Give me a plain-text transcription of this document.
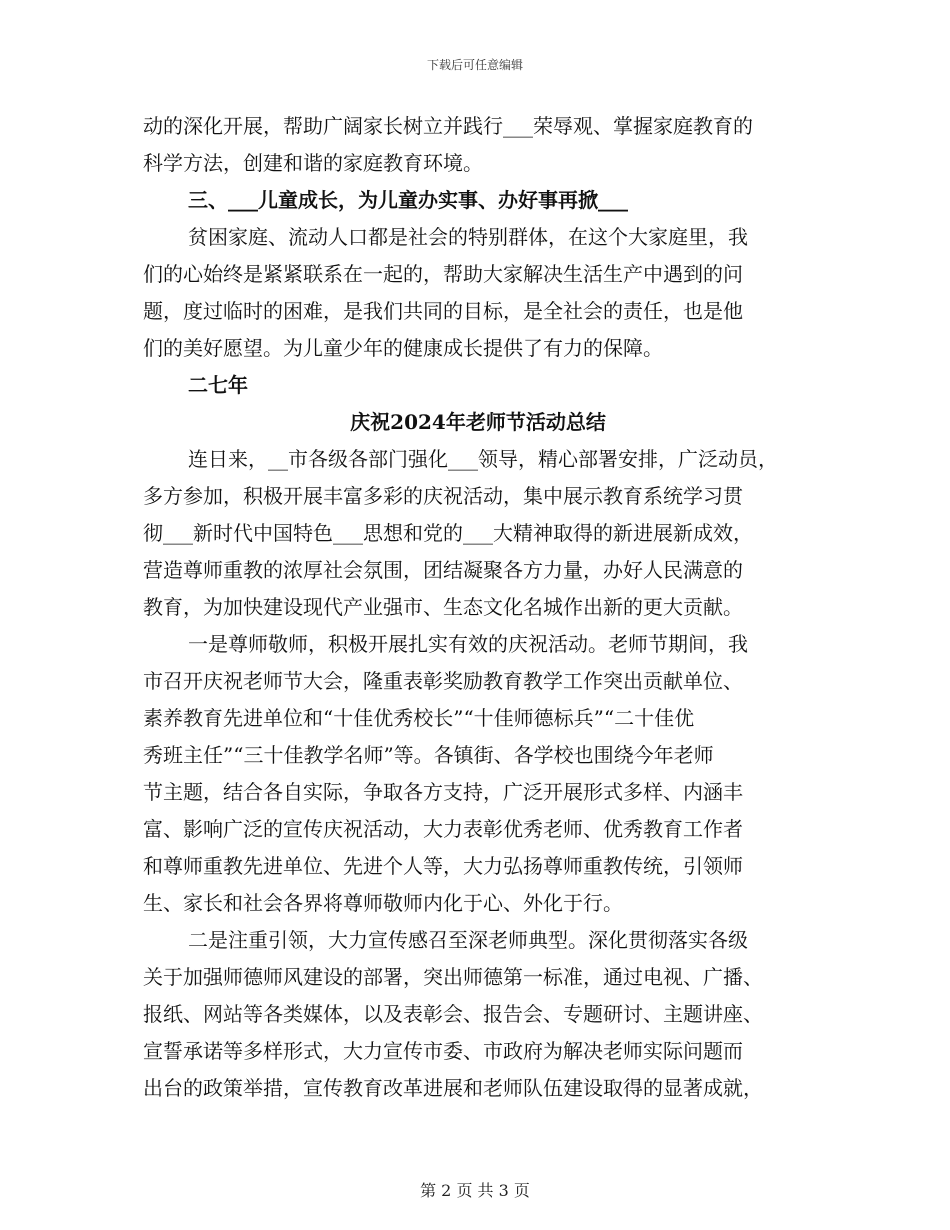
下载后可任意编辑

动的深化开展，帮助广阔家长树立并践行___荣辱观、掌握家庭教育的

科学方法，创建和谐的家庭教育环境。

三、___儿童成长，为儿童办实事、办好事再掀___

贫困家庭、流动人口都是社会的特别群体，在这个大家庭里，我

们的心始终是紧紧联系在一起的，帮助大家解决生活生产中遇到的问

题，度过临时的困难，是我们共同的目标，是全社会的责任，也是他

们的美好愿望。为儿童少年的健康成长提供了有力的保障。

二七年

庆祝2024年老师节活动总结

连日来，__市各级各部门强化___领导，精心部署安排，广泛动员，

多方参加，积极开展丰富多彩的庆祝活动，集中展示教育系统学习贯

彻___新时代中国特色___思想和党的___大精神取得的新进展新成效，

营造尊师重教的浓厚社会氛围，团结凝聚各方力量，办好人民满意的

教育，为加快建设现代产业强市、生态文化名城作出新的更大贡献。

一是尊师敬师，积极开展扎实有效的庆祝活动。老师节期间，我

市召开庆祝老师节大会，隆重表彰奖励教育教学工作突出贡献单位、

素养教育先进单位和“十佳优秀校长”“十佳师德标兵”“二十佳优

秀班主任”“三十佳教学名师”等。各镇街、各学校也围绕今年老师

节主题，结合各自实际，争取各方支持，广泛开展形式多样、内涵丰

富、影响广泛的宣传庆祝活动，大力表彰优秀老师、优秀教育工作者

和尊师重教先进单位、先进个人等，大力弘扬尊师重教传统，引领师

生、家长和社会各界将尊师敬师内化于心、外化于行。

二是注重引领，大力宣传感召至深老师典型。深化贯彻落实各级

关于加强师德师风建设的部署，突出师德第一标准，通过电视、广播、

报纸、网站等各类媒体，以及表彰会、报告会、专题研讨、主题讲座、

宣誓承诺等多样形式，大力宣传市委、市政府为解决老师实际问题而

出台的政策举措，宣传教育改革进展和老师队伍建设取得的显著成就，

第 2 页 共 3 页
